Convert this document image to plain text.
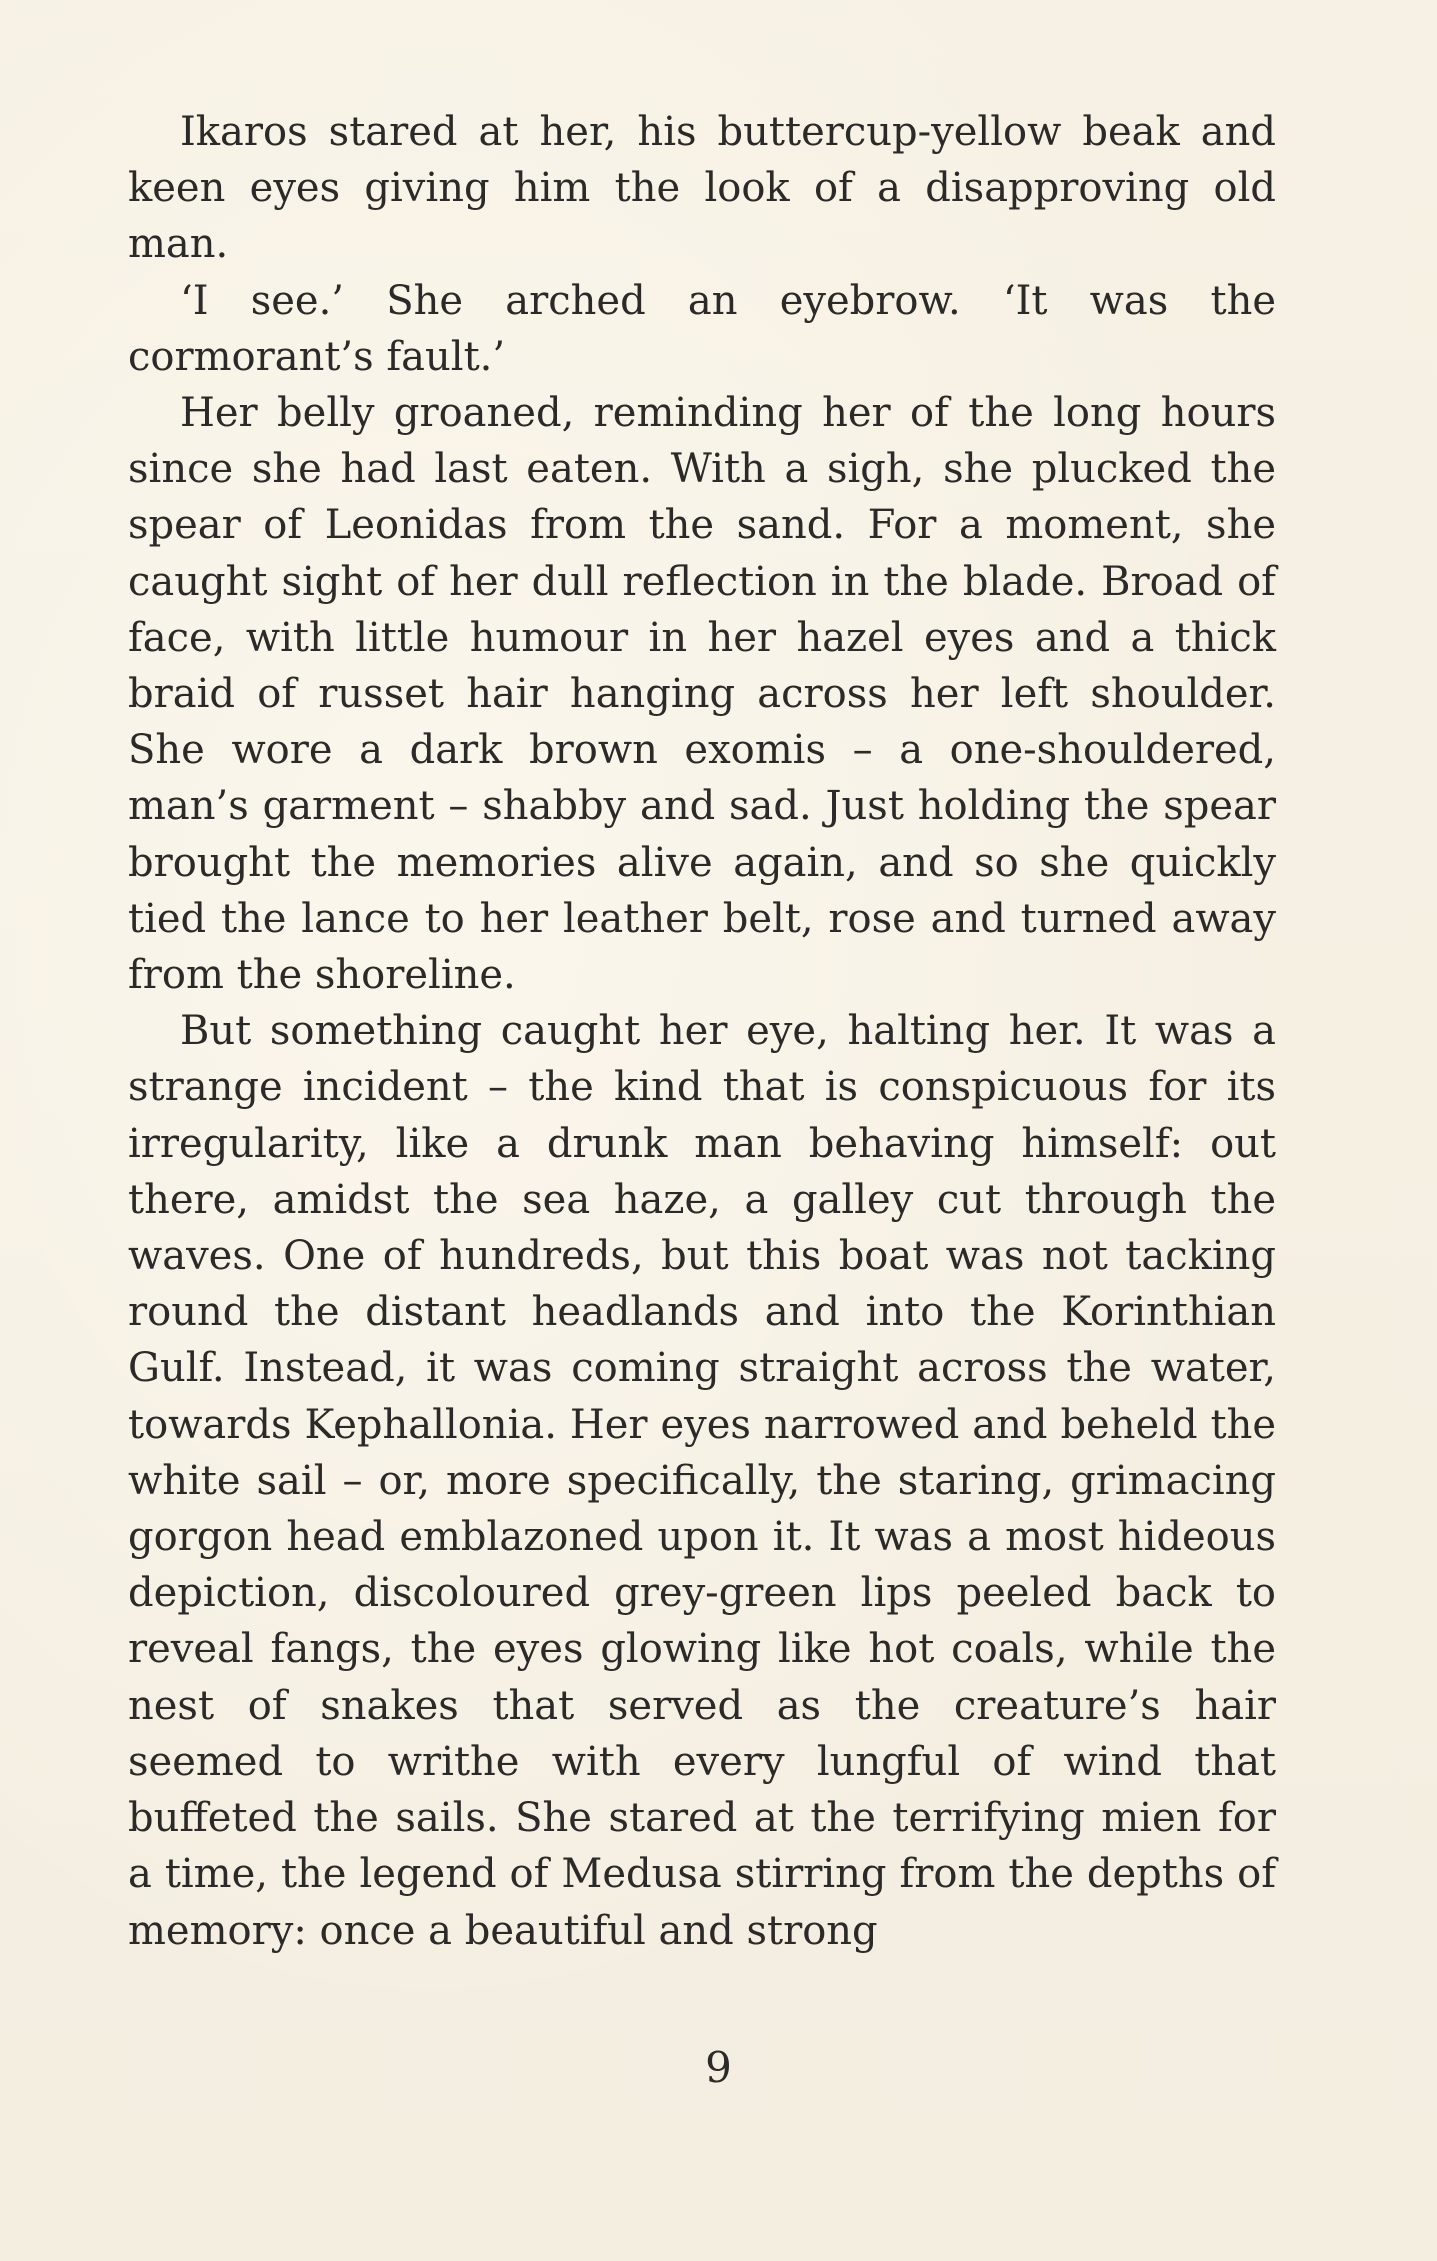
Ikaros stared at her, his buttercup-yellow beak and keen eyes giving him the look of a disapproving old man.

‘I see.’ She arched an eyebrow. ‘It was the cormorant’s fault.’

Her belly groaned, reminding her of the long hours since she had last eaten. With a sigh, she plucked the spear of Leonidas from the sand. For a moment, she caught sight of her dull reflection in the blade. Broad of face, with little humour in her hazel eyes and a thick braid of russet hair hanging across her left shoulder. She wore a dark brown exomis – a one-shouldered, man’s garment – shabby and sad. Just holding the spear brought the memories alive again, and so she quickly tied the lance to her leather belt, rose and turned away from the shoreline.

But something caught her eye, halting her. It was a strange incident – the kind that is conspicuous for its irregularity, like a drunk man behaving himself: out there, amidst the sea haze, a galley cut through the waves. One of hundreds, but this boat was not tacking round the distant headlands and into the Korinthian Gulf. Instead, it was coming straight across the water, towards Kephallonia. Her eyes narrowed and beheld the white sail – or, more specifically, the staring, grimacing gorgon head emblazoned upon it. It was a most hideous depiction, discoloured grey-green lips peeled back to reveal fangs, the eyes glowing like hot coals, while the nest of snakes that served as the creature’s hair seemed to writhe with every lungful of wind that buffeted the sails. She stared at the terrifying mien for a time, the legend of Medusa stirring from the depths of memory: once a beautiful and strong

9
